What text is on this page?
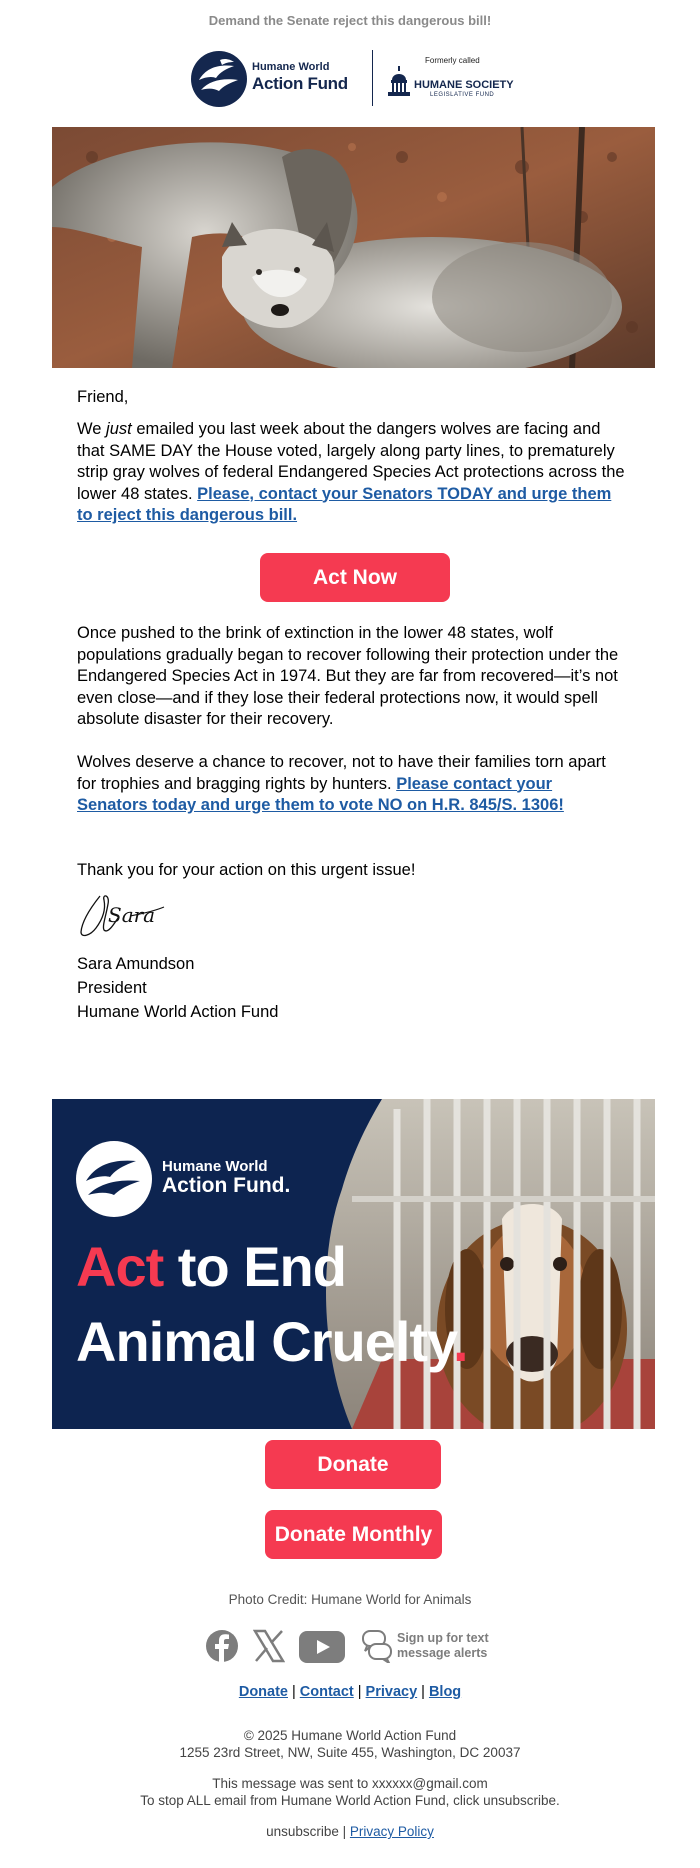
Demand the Senate reject this dangerous bill!
Humane World
Action Fund
Formerly called
HUMANE SOCIETY
LEGISLATIVE FUND
Friend,
We just emailed you last week about the dangers wolves are facing and that SAME DAY the House voted, largely along party lines, to prematurely strip gray wolves of federal Endangered Species Act protections across the lower 48 states. Please, contact your Senators TODAY and urge them to reject this dangerous bill.
Act Now
Once pushed to the brink of extinction in the lower 48 states, wolf populations gradually began to recover following their protection under the Endangered Species Act in 1974. But they are far from recovered—it’s not even close—and if they lose their federal protections now, it would spell absolute disaster for their recovery.
Wolves deserve a chance to recover, not to have their families torn apart for trophies and bragging rights by hunters. Please contact your Senators today and urge them to vote NO on H.R. 845/S. 1306!
Thank you for your action on this urgent issue!
Sara
Sara Amundson
President
Humane World Action Fund
Humane World
Action Fund.
Act to End
Animal Cruelty.
Donate
Donate Monthly
Photo Credit: Humane World for Animals
Sign up for text
message alerts
Donate | Contact | Privacy | Blog
© 2025 Humane World Action Fund
1255 23rd Street, NW, Suite 455, Washington, DC 20037
This message was sent to xxxxxx@gmail.com
To stop ALL email from Humane World Action Fund, click unsubscribe.
unsubscribe | Privacy Policy
